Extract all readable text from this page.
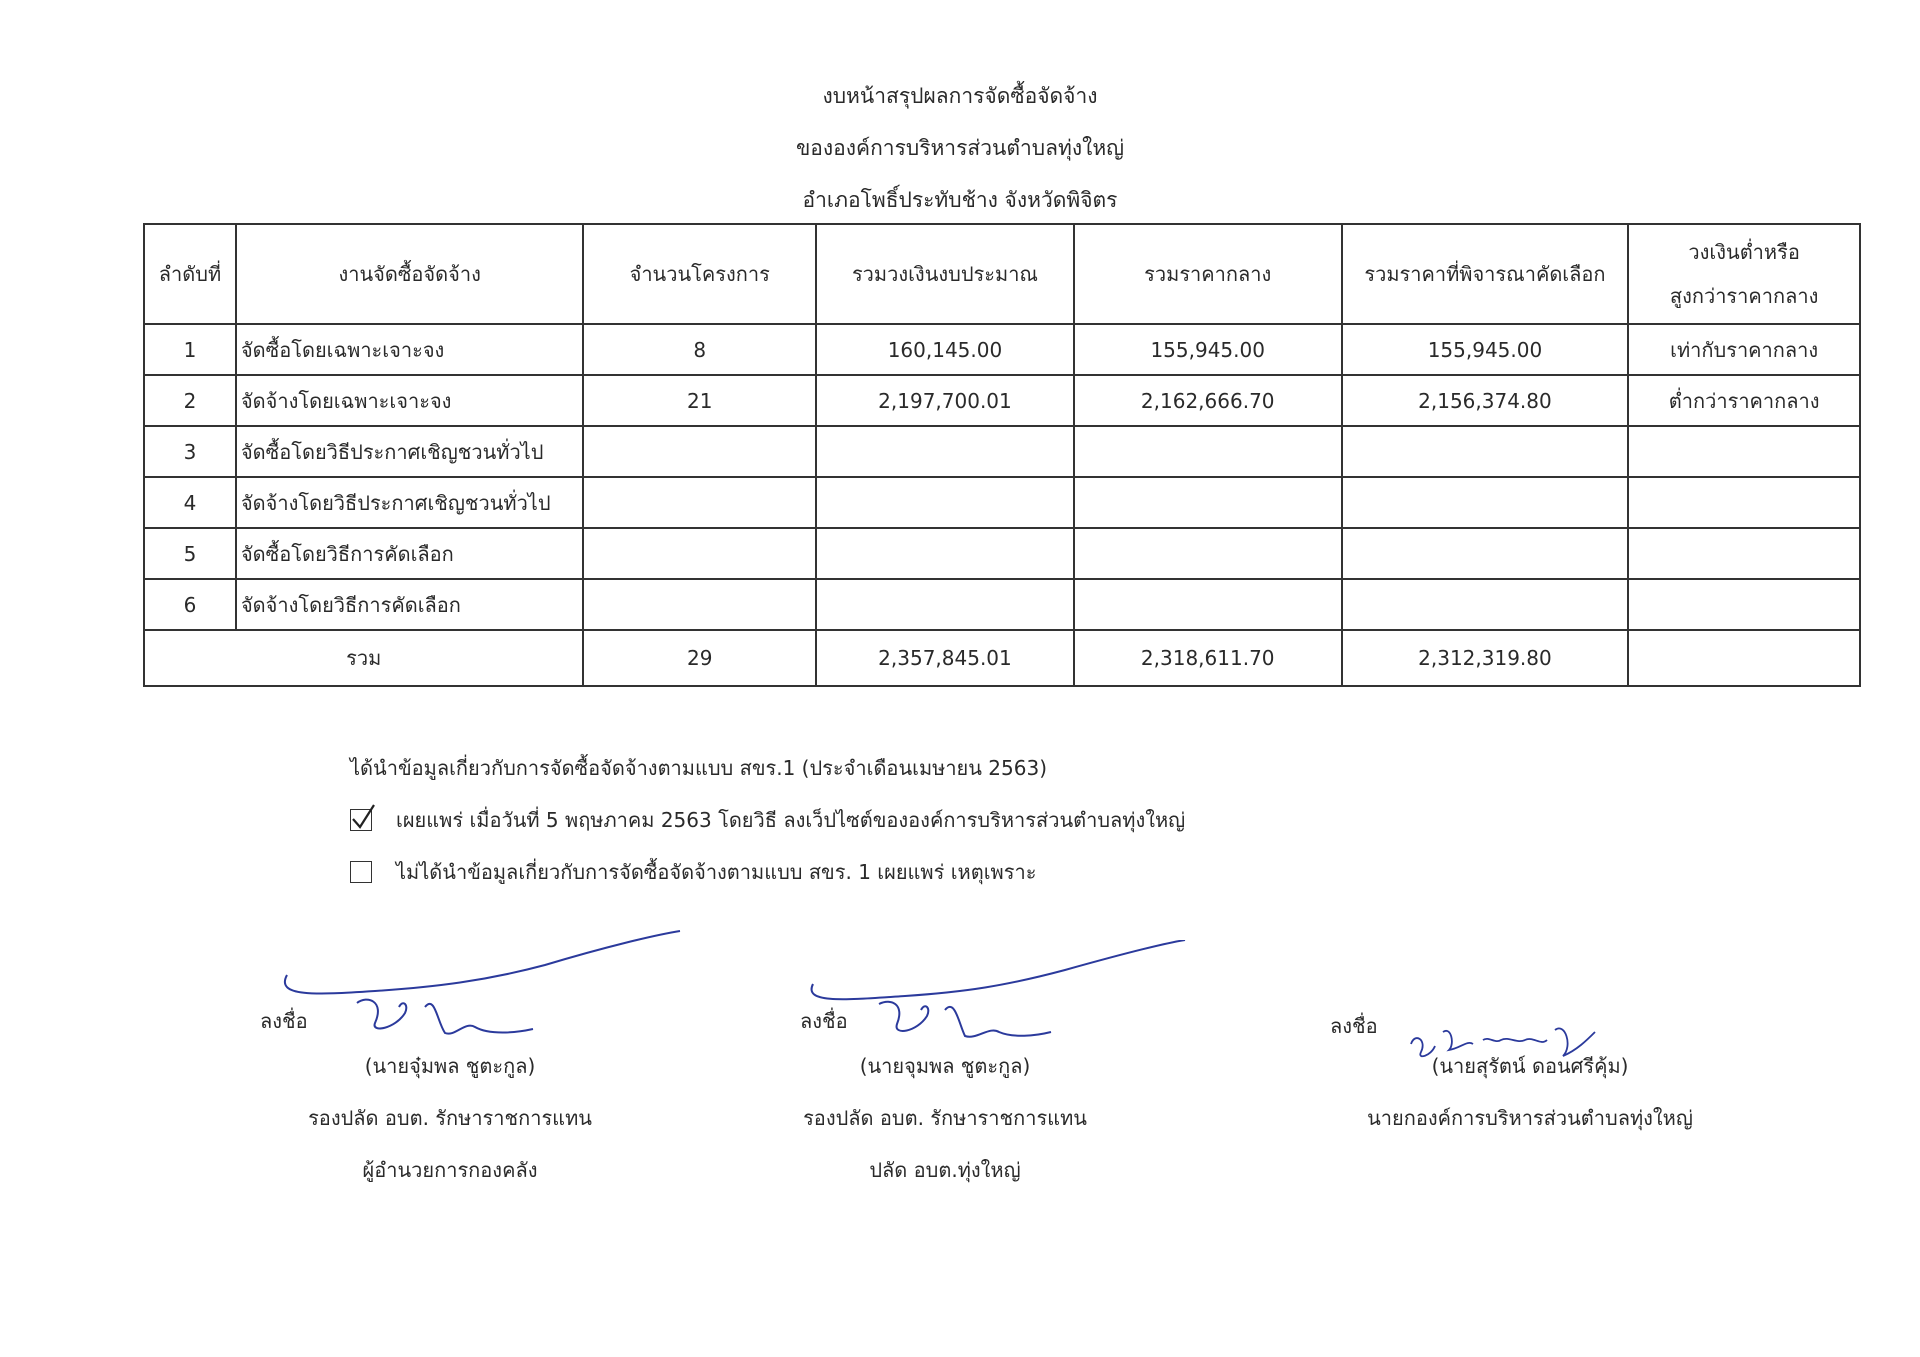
งบหน้าสรุปผลการจัดซื้อจัดจ้าง
ขององค์การบริหารส่วนตำบลทุ่งใหญ่
อำเภอโพธิ์ประทับช้าง จังหวัดพิจิตร
ลำดับที่	งานจัดซื้อจัดจ้าง	จำนวนโครงการ	รวมวงเงินงบประมาณ	รวมราคากลาง	รวมราคาที่พิจารณาคัดเลือก	วงเงินต่ำหรือ
สูงกว่าราคากลาง

1	จัดซื้อโดยเฉพาะเจาะจง	8	160,145.00	155,945.00	155,945.00	เท่ากับราคากลาง
2	จัดจ้างโดยเฉพาะเจาะจง	21	2,197,700.01	2,162,666.70	2,156,374.80	ต่ำกว่าราคากลาง
3	จัดซื้อโดยวิธีประกาศเชิญชวนทั่วไป					
4	จัดจ้างโดยวิธีประกาศเชิญชวนทั่วไป					
5	จัดซื้อโดยวิธีการคัดเลือก					
6	จัดจ้างโดยวิธีการคัดเลือก					
รวม		29	2,357,845.01	2,318,611.70	2,312,319.80	
ได้นำข้อมูลเกี่ยวกับการจัดซื้อจัดจ้างตามแบบ สขร.1 (ประจำเดือนเมษายน 2563)
เผยแพร่ เมื่อวันที่ 5 พฤษภาคม 2563 โดยวิธี ลงเว็ปไซต์ขององค์การบริหารส่วนตำบลทุ่งใหญ่
ไม่ได้นำข้อมูลเกี่ยวกับการจัดซื้อจัดจ้างตามแบบ สขร. 1 เผยแพร่ เหตุเพราะ
ลงชื่อ
(นายจุ๋มพล ชูตะกูล)
รองปลัด อบต. รักษาราชการแทน
ผู้อำนวยการกองคลัง
ลงชื่อ
(นายจุมพล ชูตะกูล)
รองปลัด อบต. รักษาราชการแทน
ปลัด อบต.ทุ่งใหญ่
ลงชื่อ
(นายสุรัตน์ ดอนศรีคุ้ม)
นายกองค์การบริหารส่วนตำบลทุ่งใหญ่
